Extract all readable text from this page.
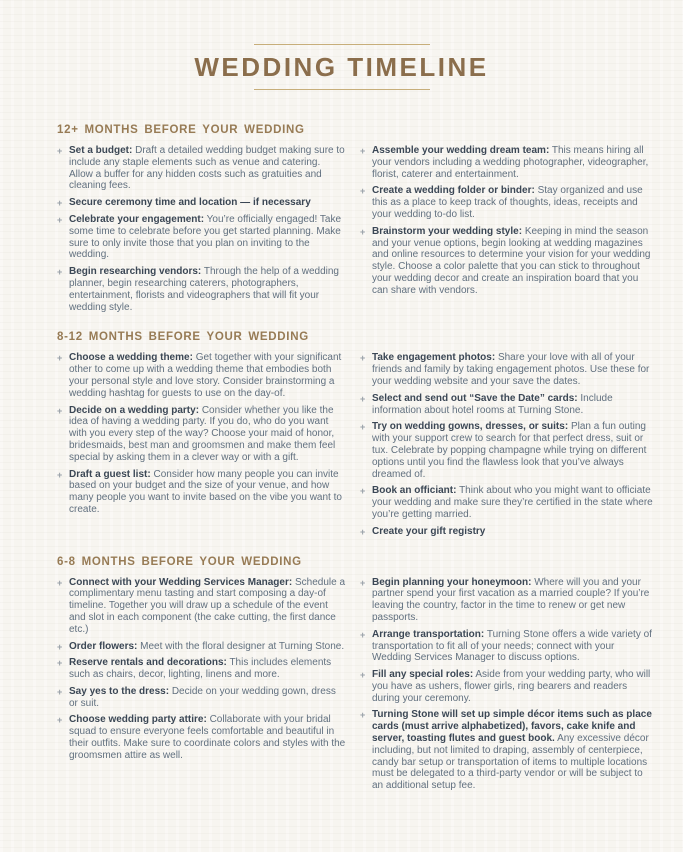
WEDDING TIMELINE
12+ MONTHS BEFORE YOUR WEDDING
+ Set a budget: Draft a detailed wedding budget making sure to include any staple elements such as venue and catering. Allow a buffer for any hidden costs such as gratuities and cleaning fees.

+ Secure ceremony time and location — if necessary

+ Celebrate your engagement: You’re officially engaged! Take some time to celebrate before you get started planning. Make sure to only invite those that you plan on inviting to the wedding.

+ Begin researching vendors: Through the help of a wedding planner, begin researching caterers, photographers, entertainment, florists and videographers that will fit your wedding style.

+ Assemble your wedding dream team: This means hiring all your vendors including a wedding photographer, videographer, florist, caterer and entertainment.

+ Create a wedding folder or binder: Stay organized and use this as a place to keep track of thoughts, ideas, receipts and your wedding to-do list.

+ Brainstorm your wedding style: Keeping in mind the season and your venue options, begin looking at wedding magazines and online resources to determine your vision for your wedding style. Choose a color palette that you can stick to throughout your wedding decor and create an inspiration board that you can share with vendors.

8-12 MONTHS BEFORE YOUR WEDDING
+ Choose a wedding theme: Get together with your significant other to come up with a wedding theme that embodies both your personal style and love story. Consider brainstorming a wedding hashtag for guests to use on the day-of.

+ Decide on a wedding party: Consider whether you like the idea of having a wedding party. If you do, who do you want with you every step of the way? Choose your maid of honor, bridesmaids, best man and groomsmen and make them feel special by asking them in a clever way or with a gift.

+ Draft a guest list: Consider how many people you can invite based on your budget and the size of your venue, and how many people you want to invite based on the vibe you want to create.

+ Take engagement photos: Share your love with all of your friends and family by taking engagement photos. Use these for your wedding website and your save the dates.

+ Select and send out “Save the Date” cards: Include information about hotel rooms at Turning Stone.

+ Try on wedding gowns, dresses, or suits: Plan a fun outing with your support crew to search for that perfect dress, suit or tux. Celebrate by popping champagne while trying on different options until you find the flawless look that you’ve always dreamed of.

+ Book an officiant: Think about who you might want to officiate your wedding and make sure they’re certified in the state where you’re getting married.

+ Create your gift registry

6-8 MONTHS BEFORE YOUR WEDDING
+ Connect with your Wedding Services Manager: Schedule a complimentary menu tasting and start composing a day-of timeline. Together you will draw up a schedule of the event and slot in each component (the cake cutting, the first dance etc.)

+ Order flowers: Meet with the floral designer at Turning Stone.

+ Reserve rentals and decorations: This includes elements such as chairs, decor, lighting, linens and more.

+ Say yes to the dress: Decide on your wedding gown, dress or suit.

+ Choose wedding party attire: Collaborate with your bridal squad to ensure everyone feels comfortable and beautiful in their outfits. Make sure to coordinate colors and styles with the groomsmen attire as well.

+ Begin planning your honeymoon: Where will you and your partner spend your first vacation as a married couple? If you’re leaving the country, factor in the time to renew or get new passports.

+ Arrange transportation: Turning Stone offers a wide variety of transportation to fit all of your needs; connect with your Wedding Services Manager to discuss options.

+ Fill any special roles: Aside from your wedding party, who will you have as ushers, flower girls, ring bearers and readers during your ceremony.

+ Turning Stone will set up simple décor items such as place cards (must arrive alphabetized), favors, cake knife and server, toasting flutes and guest book. Any excessive décor including, but not limited to draping, assembly of centerpiece, candy bar setup or transportation of items to multiple locations must be delegated to a third-party vendor or will be subject to an additional setup fee.
